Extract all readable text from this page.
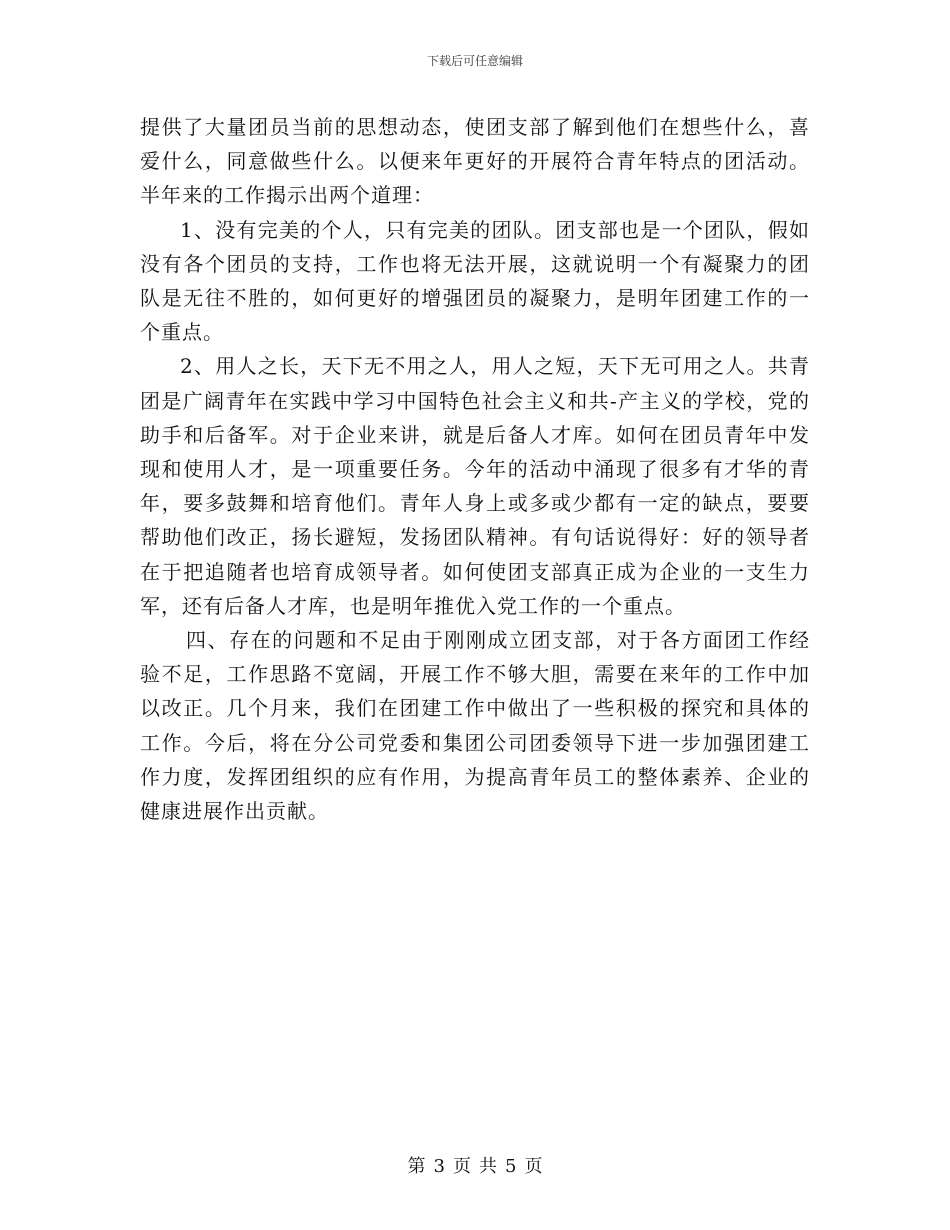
下载后可任意编辑

提供了大量团员当前的思想动态，使团支部了解到他们在想些什么，喜爱什么，同意做些什么。以便来年更好的开展符合青年特点的团活动。半年来的工作揭示出两个道理：

1、没有完美的个人，只有完美的团队。团支部也是一个团队，假如没有各个团员的支持，工作也将无法开展，这就说明一个有凝聚力的团队是无往不胜的，如何更好的增强团员的凝聚力，是明年团建工作的一个重点。

2、用人之长，天下无不用之人，用人之短，天下无可用之人。共青团是广阔青年在实践中学习中国特色社会主义和共-产主义的学校，党的助手和后备军。对于企业来讲，就是后备人才库。如何在团员青年中发现和使用人才，是一项重要任务。今年的活动中涌现了很多有才华的青年，要多鼓舞和培育他们。青年人身上或多或少都有一定的缺点，要要帮助他们改正，扬长避短，发扬团队精神。有句话说得好：好的领导者在于把追随者也培育成领导者。如何使团支部真正成为企业的一支生力军，还有后备人才库，也是明年推优入党工作的一个重点。

四、存在的问题和不足由于刚刚成立团支部，对于各方面团工作经验不足，工作思路不宽阔，开展工作不够大胆，需要在来年的工作中加以改正。几个月来，我们在团建工作中做出了一些积极的探究和具体的工作。今后，将在分公司党委和集团公司团委领导下进一步加强团建工作力度，发挥团组织的应有作用，为提高青年员工的整体素养、企业的健康进展作出贡献。

第 3 页 共 5 页
